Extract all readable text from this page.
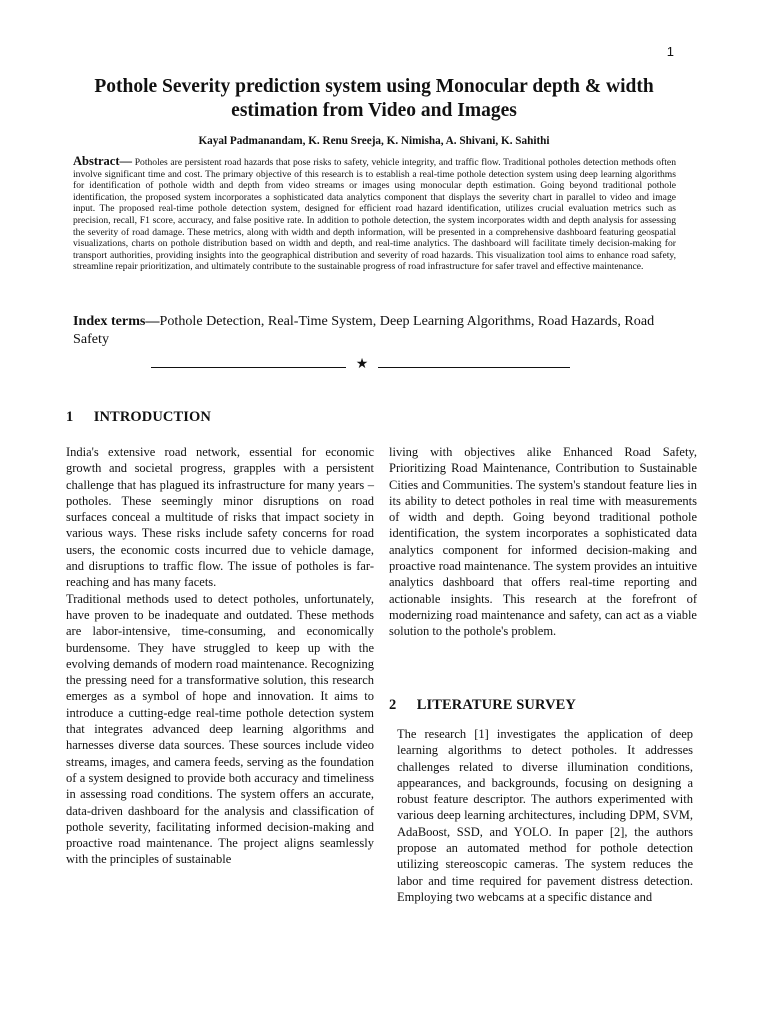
1
Pothole Severity prediction system using Monocular depth & width estimation from Video and Images
Kayal Padmanandam, K. Renu Sreeja, K. Nimisha, A. Shivani, K. Sahithi
Abstract— Potholes are persistent road hazards that pose risks to safety, vehicle integrity, and traffic flow. Traditional potholes detection methods often involve significant time and cost. The primary objective of this research is to establish a real-time pothole detection system using deep learning algorithms for identification of pothole width and depth from video streams or images using monocular depth estimation. Going beyond traditional pothole identification, the proposed system incorporates a sophisticated data analytics component that displays the severity chart in parallel to video and image input. The proposed real-time pothole detection system, designed for efficient road hazard identification, utilizes crucial evaluation metrics such as precision, recall, F1 score, accuracy, and false positive rate. In addition to pothole detection, the system incorporates width and depth analysis for assessing the severity of road damage. These metrics, along with width and depth information, will be presented in a comprehensive dashboard featuring geospatial visualizations, charts on pothole distribution based on width and depth, and real-time analytics. The dashboard will facilitate timely decision-making for transport authorities, providing insights into the geographical distribution and severity of road hazards. This visualization tool aims to enhance road safety, streamline repair prioritization, and ultimately contribute to the sustainable progress of road infrastructure for safer travel and effective maintenance.
Index terms—Pothole Detection, Real-Time System, Deep Learning Algorithms, Road Hazards, Road Safety
★
1 INTRODUCTION

India's extensive road network, essential for economic growth and societal progress, grapples with a persistent challenge that has plagued its infrastructure for many years – potholes. These seemingly minor disruptions on road surfaces conceal a multitude of risks that impact society in various ways. These risks include safety concerns for road users, the economic costs incurred due to vehicle damage, and disruptions to traffic flow. The issue of potholes is far-reaching and has many facets.

Traditional methods used to detect potholes, unfortunately, have proven to be inadequate and outdated. These methods are labor-intensive, time-consuming, and economically burdensome. They have struggled to keep up with the evolving demands of modern road maintenance. Recognizing the pressing need for a transformative solution, this research emerges as a symbol of hope and innovation. It aims to introduce a cutting-edge real-time pothole detection system that integrates advanced deep learning algorithms and harnesses diverse data sources. These sources include video streams, images, and camera feeds, serving as the foundation of a system designed to provide both accuracy and timeliness in assessing road conditions. The system offers an accurate, data-driven dashboard for the analysis and classification of pothole severity, facilitating informed decision-making and proactive road maintenance. The project aligns seamlessly with the principles of sustainable

living with objectives alike Enhanced Road Safety, Prioritizing Road Maintenance, Contribution to Sustainable Cities and Communities. The system's standout feature lies in its ability to detect potholes in real time with measurements of width and depth. Going beyond traditional pothole identification, the system incorporates a sophisticated data analytics component for informed decision-making and proactive road maintenance. The system provides an intuitive analytics dashboard that offers real-time reporting and actionable insights. This research at the forefront of modernizing road maintenance and safety, can act as a viable solution to the pothole's problem.

2 LITERATURE SURVEY

The research [1] investigates the application of deep learning algorithms to detect potholes. It addresses challenges related to diverse illumination conditions, appearances, and backgrounds, focusing on designing a robust feature descriptor. The authors experimented with various deep learning architectures, including DPM, SVM, AdaBoost, SSD, and YOLO. In paper [2], the authors propose an automated method for pothole detection utilizing stereoscopic cameras. The system reduces the labor and time required for pavement distress detection. Employing two webcams at a specific distance and
